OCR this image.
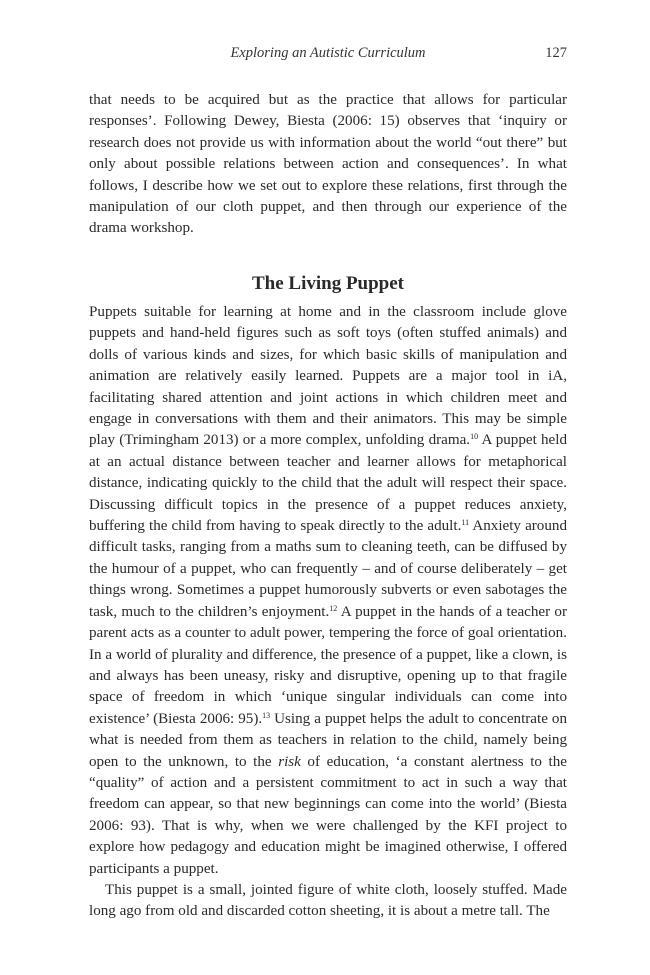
Exploring an Autistic Curriculum	127

that needs to be acquired but as the practice that allows for particular responses’. Following Dewey, Biesta (2006: 15) observes that ‘inquiry or research does not provide us with information about the world “out there” but only about possible relations between action and consequences’. In what follows, I describe how we set out to explore these relations, first through the manipulation of our cloth puppet, and then through our experience of the drama workshop.

The Living Puppet

Puppets suitable for learning at home and in the classroom include glove puppets and hand-held figures such as soft toys (often stuffed animals) and dolls of various kinds and sizes, for which basic skills of manipulation and animation are relatively easily learned. Puppets are a major tool in iA, facilitating shared attention and joint actions in which children meet and engage in conversations with them and their animators. This may be simple play (Trimingham 2013) or a more complex, unfolding drama.$^{10}$ A puppet held at an actual distance between teacher and learner allows for metaphorical distance, indicating quickly to the child that the adult will respect their space. Discussing difficult topics in the presence of a puppet reduces anxiety, buffering the child from having to speak directly to the adult.$^{11}$ Anxiety around difficult tasks, ranging from a maths sum to cleaning teeth, can be diffused by the humour of a puppet, who can frequently – and of course deliberately – get things wrong. Sometimes a puppet humorously subverts or even sabotages the task, much to the children’s enjoyment.$^{12}$ A puppet in the hands of a teacher or parent acts as a counter to adult power, tempering the force of goal orientation. In a world of plurality and difference, the presence of a puppet, like a clown, is and always has been uneasy, risky and disruptive, opening up to that fragile space of freedom in which ‘unique singular individuals can come into existence’ (Biesta 2006: 95).$^{13}$ Using a puppet helps the adult to concentrate on what is needed from them as teachers in relation to the child, namely being open to the unknown, to the risk of education, ‘a constant alertness to the “quality” of action and a persistent commitment to act in such a way that freedom can appear, so that new beginnings can come into the world’ (Biesta 2006: 93). That is why, when we were challenged by the KFI project to explore how pedagogy and education might be imagined otherwise, I offered participants a puppet.

This puppet is a small, jointed figure of white cloth, loosely stuffed. Made long ago from old and discarded cotton sheeting, it is about a metre tall. The
